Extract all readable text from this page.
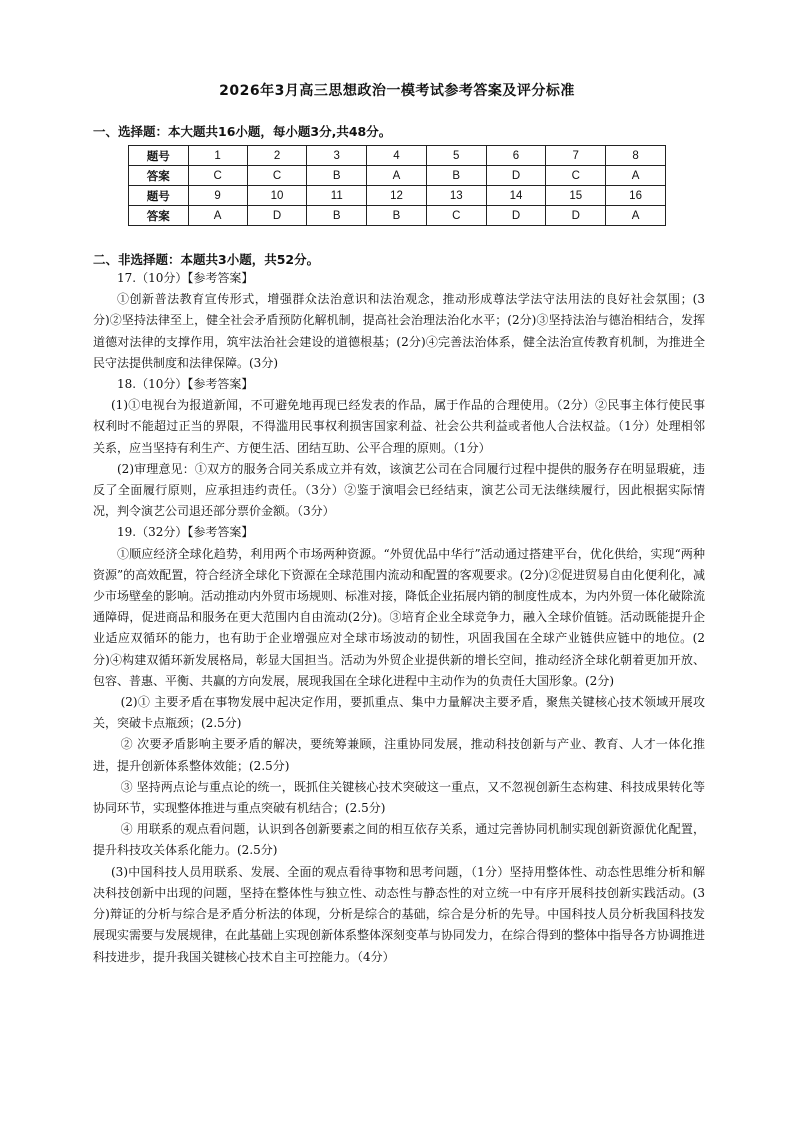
2026年3月高三思想政治一模考试参考答案及评分标准
一、选择题：本大题共16小题，每小题3分,共48分。
题号	1	2	3	4	5	6	7	8
答案	C	C	B	A	B	D	C	A
题号	9	10	11	12	13	14	15	16
答案	A	D	B	B	C	D	D	A
二、非选择题：本题共3小题，共52分。

17.（10分）【参考答案】

①创新普法教育宣传形式，增强群众法治意识和法治观念，推动形成尊法学法守法用法的良好社会氛围；(3分)②坚持法律至上，健全社会矛盾预防化解机制，提高社会治理法治化水平；(2分)③坚持法治与德治相结合，发挥道德对法律的支撑作用，筑牢法治社会建设的道德根基；(2分)④完善法治体系，健全法治宣传教育机制，为推进全民守法提供制度和法律保障。(3分)

18.（10分）【参考答案】

(1)①电视台为报道新闻，不可避免地再现已经发表的作品，属于作品的合理使用。（2分）②民事主体行使民事权利时不能超过正当的界限，不得滥用民事权利损害国家利益、社会公共利益或者他人合法权益。（1分）处理相邻关系，应当坚持有利生产、方便生活、团结互助、公平合理的原则。（1分）

(2)审理意见：①双方的服务合同关系成立并有效，该演艺公司在合同履行过程中提供的服务存在明显瑕疵，违反了全面履行原则，应承担违约责任。（3分）②鉴于演唱会已经结束，演艺公司无法继续履行，因此根据实际情况，判令演艺公司退还部分票价金额。（3分）

19.（32分）【参考答案】

①顺应经济全球化趋势，利用两个市场两种资源。“外贸优品中华行”活动通过搭建平台，优化供给，实现“两种资源”的高效配置，符合经济全球化下资源在全球范围内流动和配置的客观要求。(2分)②促进贸易自由化便利化，减少市场壁垒的影响。活动推动内外贸市场规则、标准对接，降低企业拓展内销的制度性成本，为内外贸一体化破除流通障碍，促进商品和服务在更大范围内自由流动(2分)。③培育企业全球竞争力，融入全球价值链。活动既能提升企业适应双循环的能力，也有助于企业增强应对全球市场波动的韧性，巩固我国在全球产业链供应链中的地位。(2分)④构建双循环新发展格局，彰显大国担当。活动为外贸企业提供新的增长空间，推动经济全球化朝着更加开放、包容、普惠、平衡、共赢的方向发展，展现我国在全球化进程中主动作为的负责任大国形象。(2分)

(2)① 主要矛盾在事物发展中起决定作用，要抓重点、集中力量解决主要矛盾，聚焦关键核心技术领域开展攻关，突破卡点瓶颈；(2.5分)

② 次要矛盾影响主要矛盾的解决，要统筹兼顾，注重协同发展，推动科技创新与产业、教育、人才一体化推进，提升创新体系整体效能；(2.5分)

③ 坚持两点论与重点论的统一，既抓住关键核心技术突破这一重点，又不忽视创新生态构建、科技成果转化等协同环节，实现整体推进与重点突破有机结合；(2.5分)

④ 用联系的观点看问题，认识到各创新要素之间的相互依存关系，通过完善协同机制实现创新资源优化配置，提升科技攻关体系化能力。(2.5分)

(3)中国科技人员用联系、发展、全面的观点看待事物和思考问题，（1分）坚持用整体性、动态性思维分析和解决科技创新中出现的问题，坚持在整体性与独立性、动态性与静态性的对立统一中有序开展科技创新实践活动。(3分)辩证的分析与综合是矛盾分析法的体现，分析是综合的基础，综合是分析的先导。中国科技人员分析我国科技发展现实需要与发展规律，在此基础上实现创新体系整体深刻变革与协同发力，在综合得到的整体中指导各方协调推进科技进步，提升我国关键核心技术自主可控能力。（4分）
